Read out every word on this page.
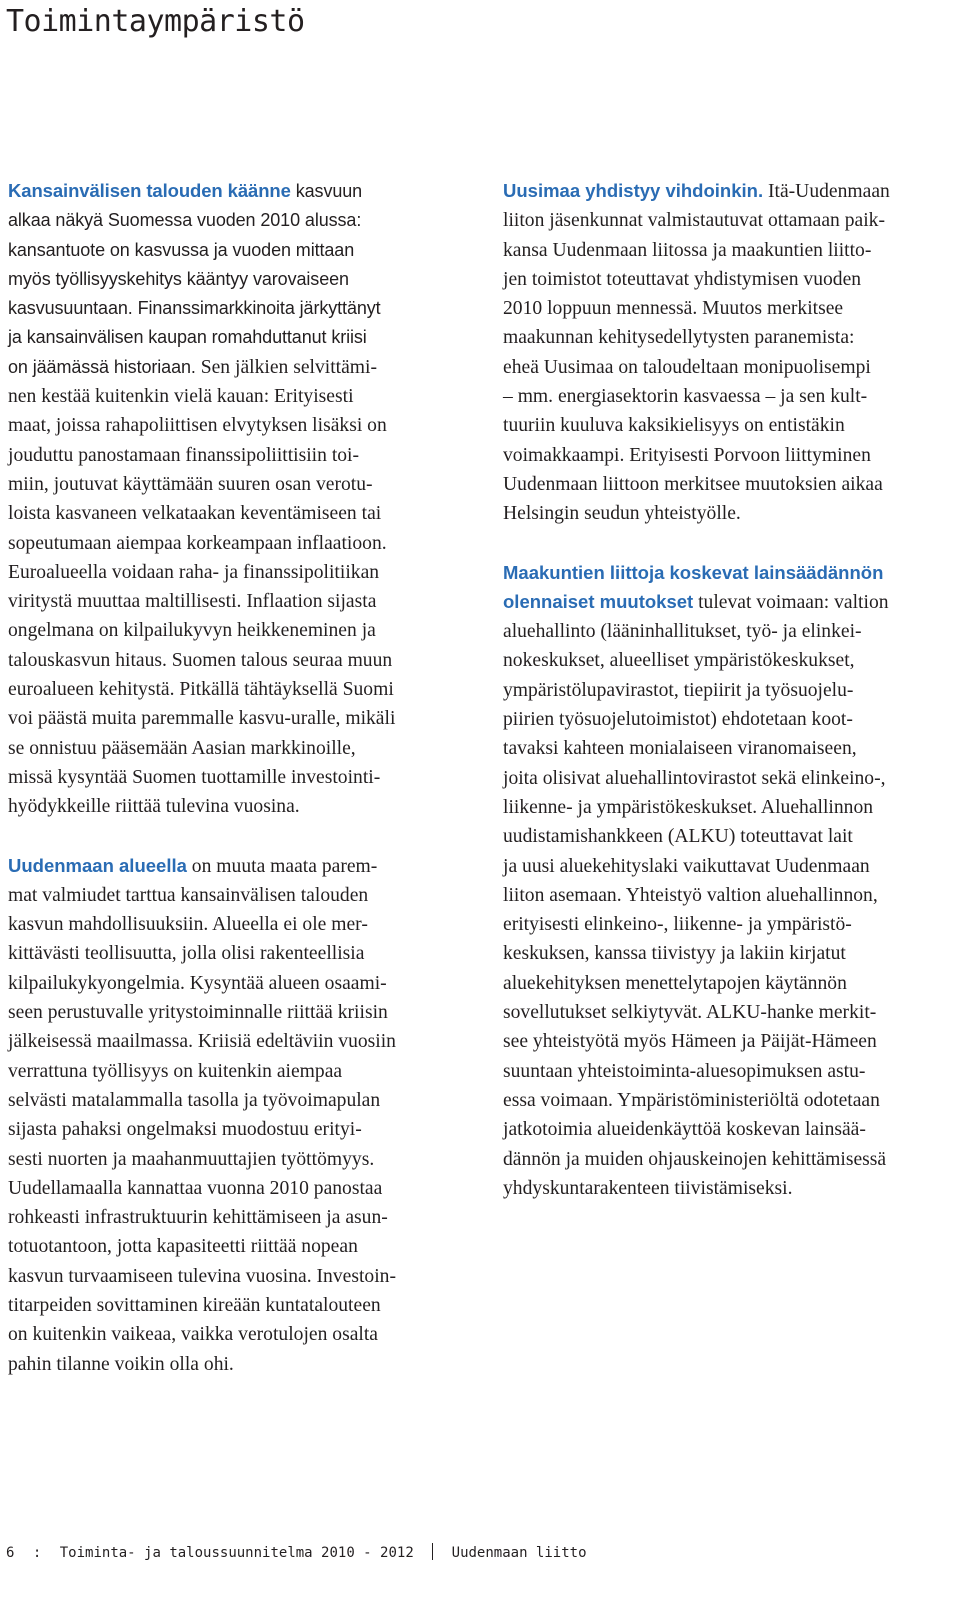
Toimintaympäristö

Kansainvälisen talouden käänne kasvuun
alkaa näkyä Suomessa vuoden 2010 alussa:
kansantuote on kasvussa ja vuoden mittaan
myös työllisyyskehitys kääntyy varovaiseen
kasvusuuntaan. Finanssimarkkinoita järkyttänyt
ja kansainvälisen kaupan romahduttanut kriisi
on jäämässä historiaan. Sen jälkien selvittämi-
nen kestää kuitenkin vielä kauan: Erityisesti
maat, joissa rahapoliittisen elvytyksen lisäksi on
jouduttu panostamaan finanssipoliittisiin toi-
miin, joutuvat käyttämään suuren osan verotu-
loista kasvaneen velkataakan keventämiseen tai
sopeutumaan aiempaa korkeampaan inflaatioon.
Euroalueella voidaan raha- ja finanssipolitiikan
viritystä muuttaa maltillisesti. Inflaation sijasta
ongelmana on kilpailukyvyn heikkeneminen ja
talouskasvun hitaus. Suomen talous seuraa muun
euroalueen kehitystä. Pitkällä tähtäyksellä Suomi
voi päästä muita paremmalle kasvu-uralle, mikäli
se onnistuu pääsemään Aasian markkinoille,
missä kysyntää Suomen tuottamille investointi-
hyödykkeille riittää tulevina vuosina.

Uudenmaan alueella on muuta maata parem-
mat valmiudet tarttua kansainvälisen talouden
kasvun mahdollisuuksiin. Alueella ei ole mer-
kittävästi teollisuutta, jolla olisi rakenteellisia
kilpailukykyongelmia. Kysyntää alueen osaami-
seen perustuvalle yritystoiminnalle riittää kriisin
jälkeisessä maailmassa. Kriisiä edeltäviin vuosiin
verrattuna työllisyys on kuitenkin aiempaa
selvästi matalammalla tasolla ja työvoimapulan
sijasta pahaksi ongelmaksi muodostuu erityi-
sesti nuorten ja maahanmuuttajien työttömyys.
Uudellamaalla kannattaa vuonna 2010 panostaa
rohkeasti infrastruktuurin kehittämiseen ja asun-
totuotantoon, jotta kapasiteetti riittää nopean
kasvun turvaamiseen tulevina vuosina. Investoin-
titarpeiden sovittaminen kireään kuntatalouteen
on kuitenkin vaikeaa, vaikka verotulojen osalta
pahin tilanne voikin olla ohi.

Uusimaa yhdistyy vihdoinkin. Itä-Uudenmaan
liiton jäsenkunnat valmistautuvat ottamaan paik-
kansa Uudenmaan liitossa ja maakuntien liitto-
jen toimistot toteuttavat yhdistymisen vuoden
2010 loppuun mennessä. Muutos merkitsee
maakunnan kehitysedellytysten paranemista:
eheä Uusimaa on taloudeltaan monipuolisempi
– mm. energiasektorin kasvaessa – ja sen kult-
tuuriin kuuluva kaksikielisyys on entistäkin
voimakkaampi. Erityisesti Porvoon liittyminen
Uudenmaan liittoon merkitsee muutoksien aikaa
Helsingin seudun yhteistyölle.

Maakuntien liittoja koskevat lainsäädännön
olennaiset muutokset tulevat voimaan: valtion
aluehallinto (lääninhallitukset, työ- ja elinkei-
nokeskukset, alueelliset ympäristökeskukset,
ympäristölupavirastot, tiepiirit ja työsuojelu-
piirien työsuojelutoimistot) ehdotetaan koot-
tavaksi kahteen monialaiseen viranomaiseen,
joita olisivat aluehallintovirastot sekä elinkeino-,
liikenne- ja ympäristökeskukset. Aluehallinnon
uudistamishankkeen (ALKU) toteuttavat lait
ja uusi aluekehityslaki vaikuttavat Uudenmaan
liiton asemaan. Yhteistyö valtion aluehallinnon,
erityisesti elinkeino-, liikenne- ja ympäristö-
keskuksen, kanssa tiivistyy ja lakiin kirjatut
aluekehityksen menettelytapojen käytännön
sovellutukset selkiytyvät. ALKU-hanke merkit-
see yhteistyötä myös Hämeen ja Päijät-Hämeen
suuntaan yhteistoiminta-aluesopimuksen astu-
essa voimaan. Ympäristöministeriöltä odotetaan
jatkotoimia alueidenkäyttöä koskevan lainsää-
dännön ja muiden ohjauskeinojen kehittämisessä
yhdyskuntarakenteen tiivistämiseksi.

6 : Toiminta- ja taloussuunnitelma 2010 - 2012	Uudenmaan liitto
